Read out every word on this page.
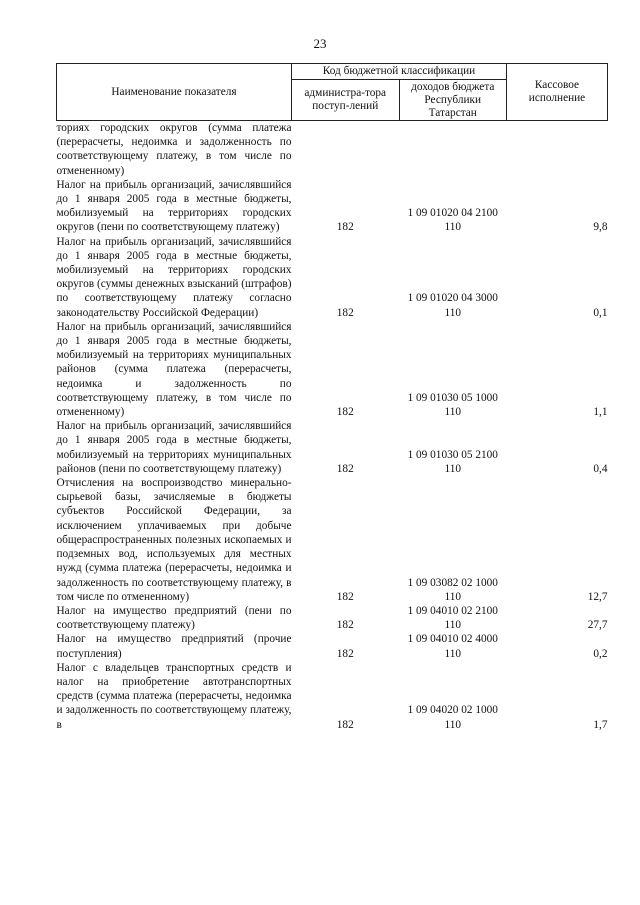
23
Наименование показателя	Код бюджетной классификации		Кассовое исполнение
	администра-тора поступ-лений	доходов бюджета Республики Татарстан	
ториях городских округов (сумма платежа (перерасчеты, недоимка и задолженность по соответствующему платежу, в том числе по отмененному)			
Налог на прибыль организаций, зачислявшийся до 1 января 2005 года в местные бюджеты, мобилизуемый на территориях городских округов (пени по соответствующему платежу)	182	1 09 01020 04 2100 110	9,8
Налог на прибыль организаций, зачислявшийся до 1 января 2005 года в местные бюджеты, мобилизуемый на территориях городских округов (суммы денежных взысканий (штрафов) по соответствующему платежу согласно законодательству Российской Федерации)	182	1 09 01020 04 3000 110	0,1
Налог на прибыль организаций, зачислявшийся до 1 января 2005 года в местные бюджеты, мобилизуемый на территориях муниципальных районов (сумма платежа (перерасчеты, недоимка и задолженность по соответствующему платежу, в том числе по отмененному)	182	1 09 01030 05 1000 110	1,1
Налог на прибыль организаций, зачислявшийся до 1 января 2005 года в местные бюджеты, мобилизуемый на территориях муниципальных районов (пени по соответствующему платежу)	182	1 09 01030 05 2100 110	0,4
Отчисления на воспроизводство минерально-сырьевой базы, зачисляемые в бюджеты субъектов Российской Федерации, за исключением уплачиваемых при добыче общераспространенных полезных ископаемых и подземных вод, используемых для местных нужд (сумма платежа (перерасчеты, недоимка и задолженность по соответствующему платежу, в том числе по отмененному)	182	1 09 03082 02 1000 110	12,7
Налог на имущество предприятий (пени по соответствующему платежу)	182	1 09 04010 02 2100 110	27,7
Налог на имущество предприятий (прочие поступления)	182	1 09 04010 02 4000 110	0,2
Налог с владельцев транспортных средств и налог на приобретение автотранспортных средств (сумма платежа (перерасчеты, недоимка и задолженность по соответствующему платежу, в	182	1 09 04020 02 1000 110	1,7
